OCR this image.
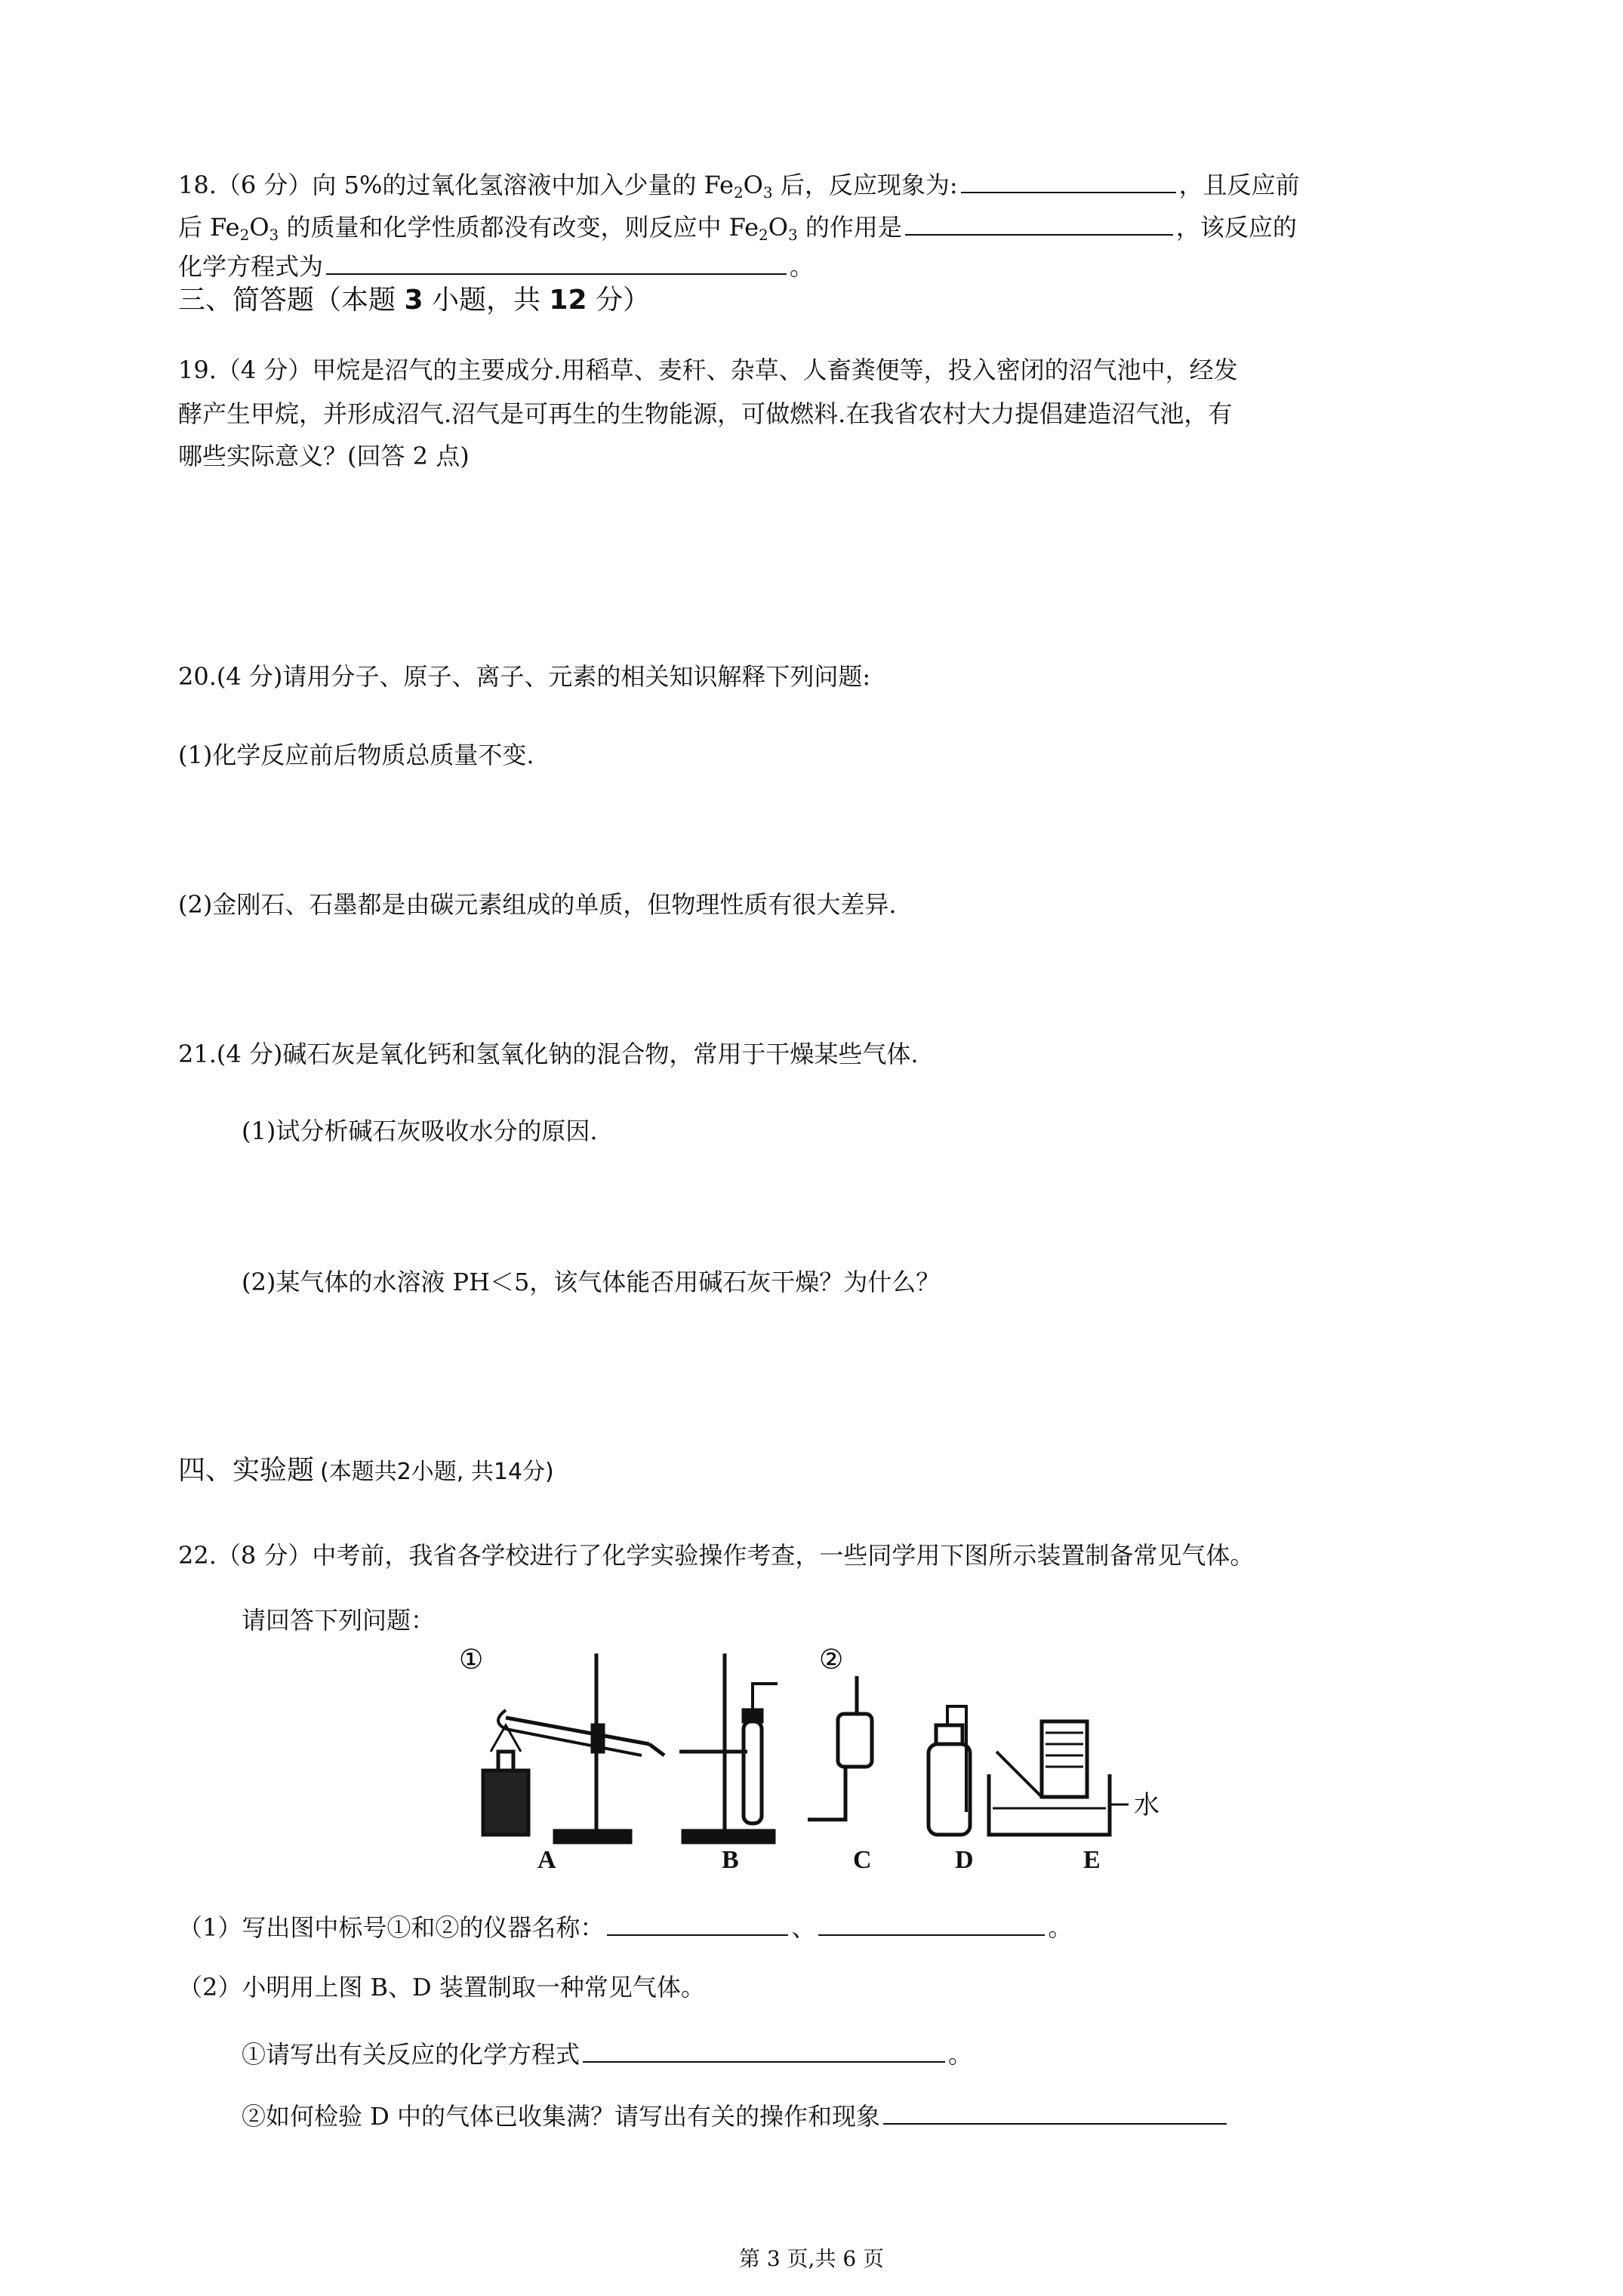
18.（6 分）向 5%的过氧化氢溶液中加入少量的 $Fe_2O_3$ 后，反应现象为:	，且反应前
后 $Fe_2O_3$ 的质量和化学性质都没有改变，则反应中 $Fe_2O_3$ 的作用是	，该反应的
化学方程式为	。
三、简答题（本题 3 小题，共 12 分）
19.（4 分）甲烷是沼气的主要成分.用稻草、麦秆、杂草、人畜粪便等，投入密闭的沼气池中，经发
酵产生甲烷，并形成沼气.沼气是可再生的生物能源，可做燃料.在我省农村大力提倡建造沼气池，有
哪些实际意义？(回答 2 点)
20.(4 分)请用分子、原子、离子、元素的相关知识解释下列问题:
(1)化学反应前后物质总质量不变.
(2)金刚石、石墨都是由碳元素组成的单质，但物理性质有很大差异.
21.(4 分)碱石灰是氧化钙和氢氧化钠的混合物，常用于干燥某些气体.
(1)试分析碱石灰吸收水分的原因.
(2)某气体的水溶液 PH＜5，该气体能否用碱石灰干燥？为什么？
四、实验题 (本题共2小题, 共14分)
22.（8 分）中考前，我省各学校进行了化学实验操作考查，一些同学用下图所示装置制备常见气体。
请回答下列问题：
①	②
水
A	B	C	D	E
（1）写出图中标号①和②的仪器名称：	、	。
（2）小明用上图 B、D 装置制取一种常见气体。
①请写出有关反应的化学方程式	。
②如何检验 D 中的气体已收集满？请写出有关的操作和现象
第 3 页,共 6 页
